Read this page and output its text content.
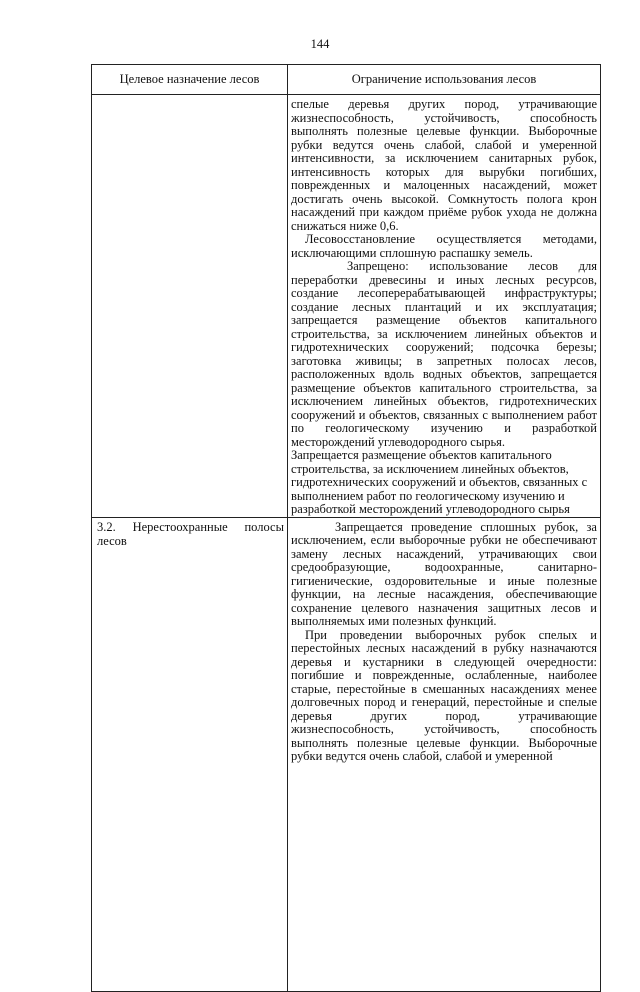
144
Целевое назначение лесов	Ограничение использования лесов

	спелые деревья других пород, утрачивающие жизнеспособность, устойчивость, способность выполнять полезные целевые функции. Выборочные рубки ведутся очень слабой, слабой и умеренной интенсивности, за исключением санитарных рубок, интенсивность которых для вырубки погибших, поврежденных и малоценных насаждений, может достигать очень высокой. Сомкнутость полога крон насаждений при каждом приёме рубок ухода не должна снижаться ниже 0,6.

Лесовосстановление осуществляется методами, исключающими сплошную распашку земель.

Запрещено: использование лесов для переработки древесины и иных лесных ресурсов, создание лесоперерабатывающей инфраструктуры; создание лесных плантаций и их эксплуатация; запрещается размещение объектов капитального строительства, за исключением линейных объектов и гидротехнических сооружений; подсочка березы; заготовка живицы; в запретных полосах лесов, расположенных вдоль водных объектов, запрещается размещение объектов капитального строительства, за исключением линейных объектов, гидротехнических сооружений и объектов, связанных с выполнением работ по геологическому изучению и разработкой месторождений углеводородного сырья.

Запрещается размещение объектов капитального строительства, за исключением линейных объектов, гидротехнических сооружений и объектов, связанных с выполнением работ по геологическому изучению и разработкой месторождений углеводородного сырья

3.2. Нерестоохранные полосы лесов	Запрещается проведение сплошных рубок, за исключением, если выборочные рубки не обеспечивают замену лесных насаждений, утрачивающих свои средообразующие, водоохранные, санитарно-гигиенические, оздоровительные и иные полезные функции, на лесные насаждения, обеспечивающие сохранение целевого назначения защитных лесов и выполняемых ими полезных функций.

При проведении выборочных рубок спелых и перестойных лесных насаждений в рубку назначаются деревья и кустарники в следующей очередности: погибшие и поврежденные, ослабленные, наиболее старые, перестойные в смешанных насаждениях менее долговечных пород и генераций, перестойные и спелые деревья других пород, утрачивающие жизнеспособность, устойчивость, способность выполнять полезные целевые функции. Выборочные рубки ведутся очень слабой, слабой и умеренной
